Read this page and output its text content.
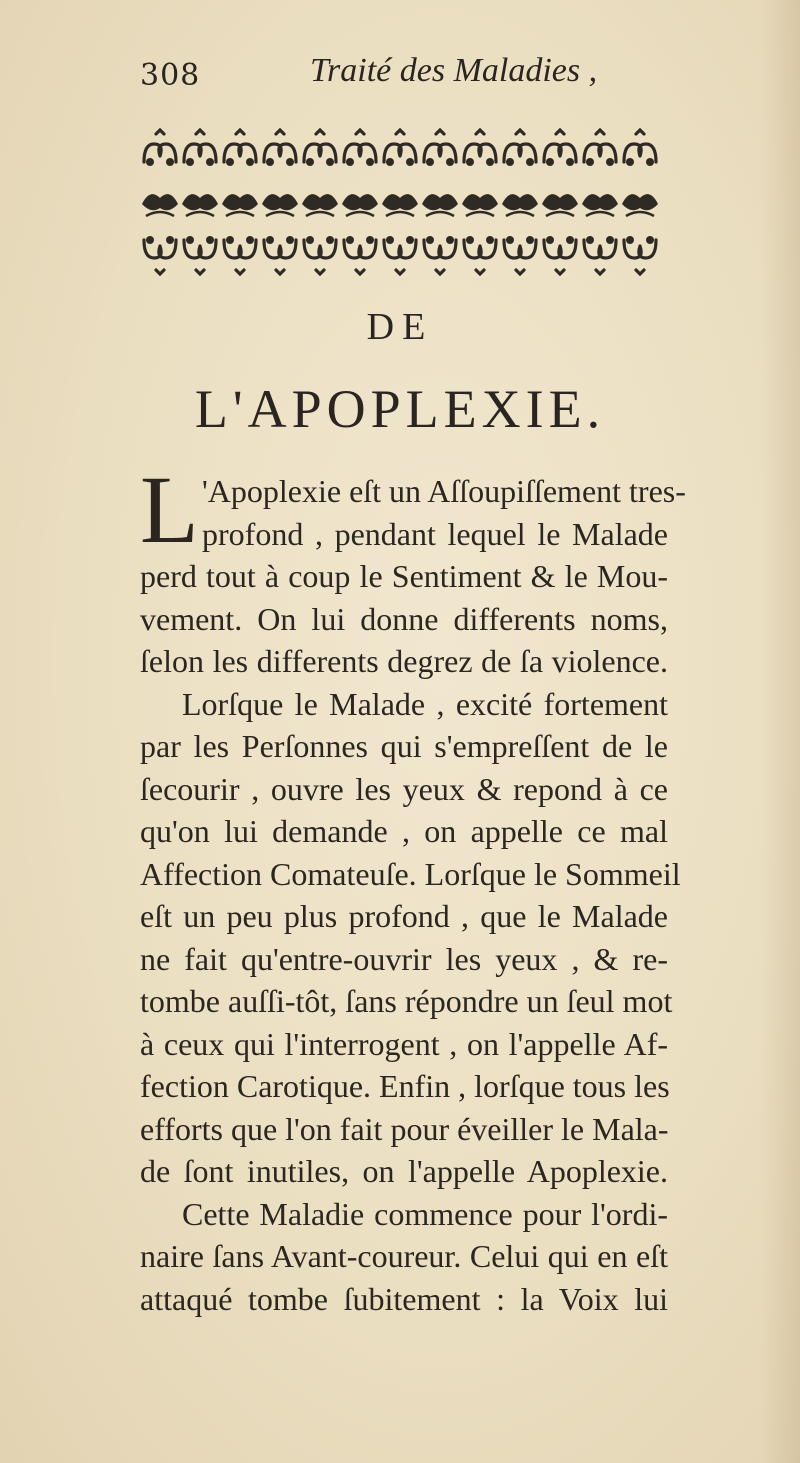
308	Traité des Maladies ,
DE
L'APOPLEXIE.
L 'Apoplexie eſt un Aſſoupiſſement tres-
profond , pendant lequel le Malade
perd tout à coup le Sentiment & le Mou-
vement. On lui donne differents noms,
ſelon les differents degrez de ſa violence.
Lorſque le Malade , excité fortement
par les Perſonnes qui s'empreſſent de le
ſecourir , ouvre les yeux & repond à ce
qu'on lui demande , on appelle ce mal
Affection Comateuſe. Lorſque le Sommeil
eſt un peu plus profond , que le Malade
ne fait qu'entre-ouvrir les yeux , & re-
tombe auſſi-tôt, ſans répondre un ſeul mot
à ceux qui l'interrogent , on l'appelle Af-
fection Carotique. Enfin , lorſque tous les
efforts que l'on fait pour éveiller le Mala-
de ſont inutiles, on l'appelle Apoplexie.
Cette Maladie commence pour l'ordi-
naire ſans Avant-coureur. Celui qui en eſt
attaqué tombe ſubitement : la Voix lui
